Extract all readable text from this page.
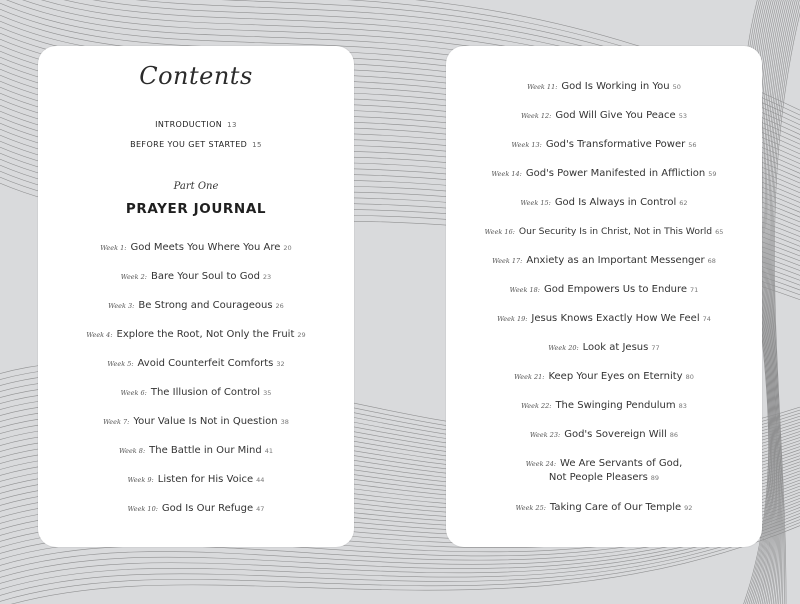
Contents
INTRODUCTION 13
BEFORE YOU GET STARTED 15
Part One
PRAYER JOURNAL
Week 1: God Meets You Where You Are 20
Week 2: Bare Your Soul to God 23
Week 3: Be Strong and Courageous 26
Week 4: Explore the Root, Not Only the Fruit 29
Week 5: Avoid Counterfeit Comforts 32
Week 6: The Illusion of Control 35
Week 7: Your Value Is Not in Question 38
Week 8: The Battle in Our Mind 41
Week 9: Listen for His Voice 44
Week 10: God Is Our Refuge 47
Week 11: God Is Working in You 50
Week 12: God Will Give You Peace 53
Week 13: God's Transformative Power 56
Week 14: God's Power Manifested in Affliction 59
Week 15: God Is Always in Control 62
Week 16: Our Security Is in Christ, Not in This World 65
Week 17: Anxiety as an Important Messenger 68
Week 18: God Empowers Us to Endure 71
Week 19: Jesus Knows Exactly How We Feel 74
Week 20: Look at Jesus 77
Week 21: Keep Your Eyes on Eternity 80
Week 22: The Swinging Pendulum 83
Week 23: God's Sovereign Will 86
Week 24: We Are Servants of God,
Not People Pleasers 89
Week 25: Taking Care of Our Temple 92
